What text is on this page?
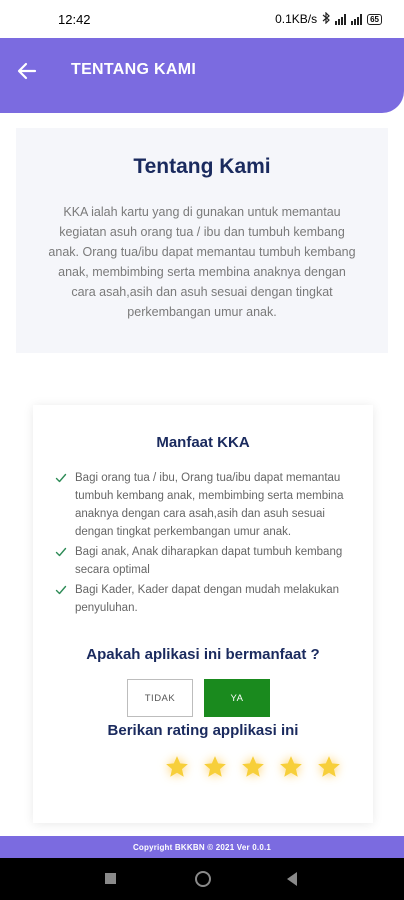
12:42	0.1KB/s	65
TENTANG KAMI
Tentang Kami
KKA ialah kartu yang di gunakan untuk memantau kegiatan asuh orang tua / ibu dan tumbuh kembang anak. Orang tua/ibu dapat memantau tumbuh kembang anak, membimbing serta membina anaknya dengan cara asah,asih dan asuh sesuai dengan tingkat perkembangan umur anak.
Manfaat KKA
Bagi orang tua / ibu, Orang tua/ibu dapat memantau tumbuh kembang anak, membimbing serta membina anaknya dengan cara asah,asih dan asuh sesuai dengan tingkat perkembangan umur anak.
Bagi anak, Anak diharapkan dapat tumbuh kembang secara optimal
Bagi Kader, Kader dapat dengan mudah melakukan penyuluhan.
Apakah aplikasi ini bermanfaat ?
TIDAK	YA
Berikan rating applikasi ini
Copyright BKKBN © 2021 Ver 0.0.1
